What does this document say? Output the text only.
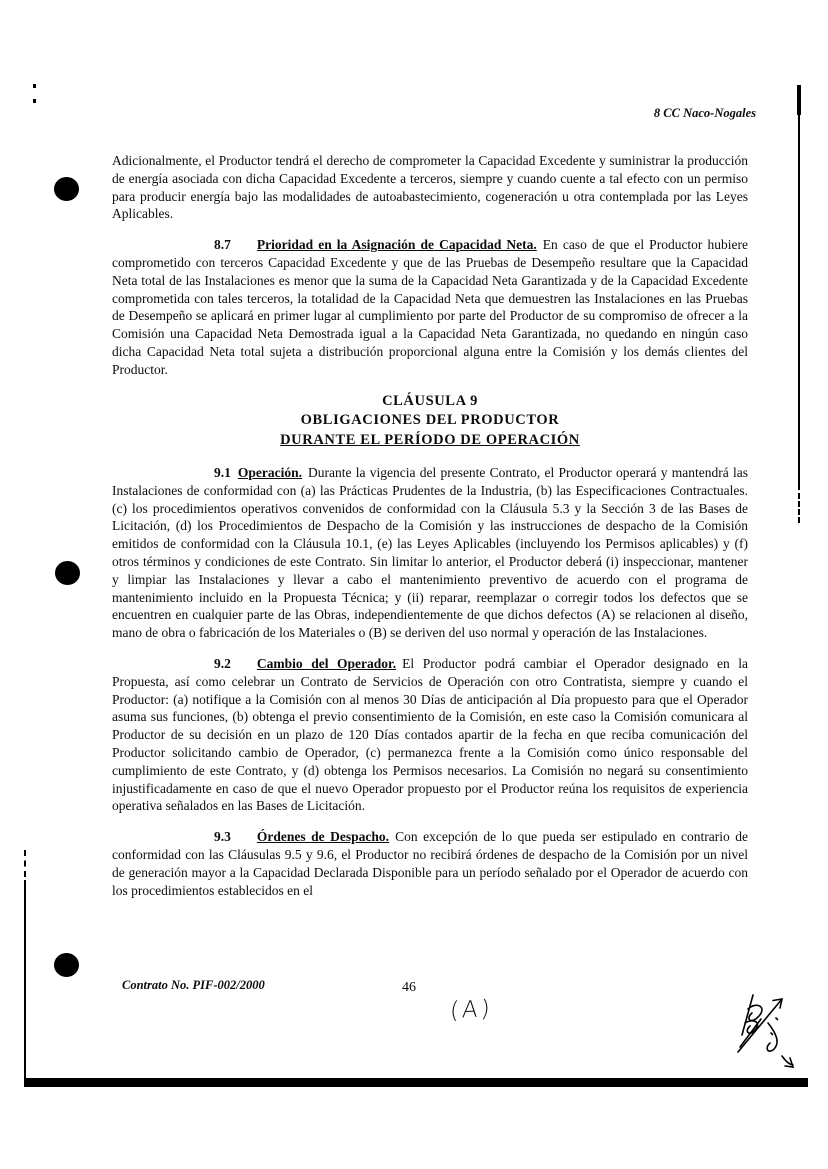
8 CC Naco-Nogales

Adicionalmente, el Productor tendrá el derecho de comprometer la Capacidad Excedente y suministrar la producción de energía asociada con dicha Capacidad Excedente a terceros, siempre y cuando cuente a tal efecto con un permiso para producir energía bajo las modalidades de autoabastecimiento, cogeneración u otra contemplada por las Leyes Aplicables.

8.7 Prioridad en la Asignación de Capacidad Neta. En caso de que el Productor hubiere comprometido con terceros Capacidad Excedente y que de las Pruebas de Desempeño resultare que la Capacidad Neta total de las Instalaciones es menor que la suma de la Capacidad Neta Garantizada y de la Capacidad Excedente comprometida con tales terceros, la totalidad de la Capacidad Neta que demuestren las Instalaciones en las Pruebas de Desempeño se aplicará en primer lugar al cumplimiento por parte del Productor de su compromiso de ofrecer a la Comisión una Capacidad Neta Demostrada igual a la Capacidad Neta Garantizada, no quedando en ningún caso dicha Capacidad Neta total sujeta a distribución proporcional alguna entre la Comisión y los demás clientes del Productor.

CLÁUSULA 9
OBLIGACIONES DEL PRODUCTOR
DURANTE EL PERÍODO DE OPERACIÓN

9.1 Operación. Durante la vigencia del presente Contrato, el Productor operará y mantendrá las Instalaciones de conformidad con (a) las Prácticas Prudentes de la Industria, (b) las Especificaciones Contractuales. (c) los procedimientos operativos convenidos de conformidad con la Cláusula 5.3 y la Sección 3 de las Bases de Licitación, (d) los Procedimientos de Despacho de la Comisión y las instrucciones de despacho de la Comisión emitidos de conformidad con la Cláusula 10.1, (e) las Leyes Aplicables (incluyendo los Permisos aplicables) y (f) otros términos y condiciones de este Contrato. Sin limitar lo anterior, el Productor deberá (i) inspeccionar, mantener y limpiar las Instalaciones y llevar a cabo el mantenimiento preventivo de acuerdo con el programa de mantenimiento incluido en la Propuesta Técnica; y (ii) reparar, reemplazar o corregir todos los defectos que se encuentren en cualquier parte de las Obras, independientemente de que dichos defectos (A) se relacionen al diseño, mano de obra o fabricación de los Materiales o (B) se deriven del uso normal y operación de las Instalaciones.

9.2 Cambio del Operador. El Productor podrá cambiar el Operador designado en la Propuesta, así como celebrar un Contrato de Servicios de Operación con otro Contratista, siempre y cuando el Productor: (a) notifique a la Comisión con al menos 30 Días de anticipación al Día propuesto para que el Operador asuma sus funciones, (b) obtenga el previo consentimiento de la Comisión, en este caso la Comisión comunicara al Productor de su decisión en un plazo de 120 Días contados apartir de la fecha en que reciba comunicación del Productor solicitando cambio de Operador, (c) permanezca frente a la Comisión como único responsable del cumplimiento de este Contrato, y (d) obtenga los Permisos necesarios. La Comisión no negará su consentimiento injustificadamente en caso de que el nuevo Operador propuesto por el Productor reúna los requisitos de experiencia operativa señalados en las Bases de Licitación.

9.3 Órdenes de Despacho. Con excepción de lo que pueda ser estipulado en contrario de conformidad con las Cláusulas 9.5 y 9.6, el Productor no recibirá órdenes de despacho de la Comisión por un nivel de generación mayor a la Capacidad Declarada Disponible para un período señalado por el Operador de acuerdo con los procedimientos establecidos en el

Contrato No. PIF-002/2000	46
(A)
